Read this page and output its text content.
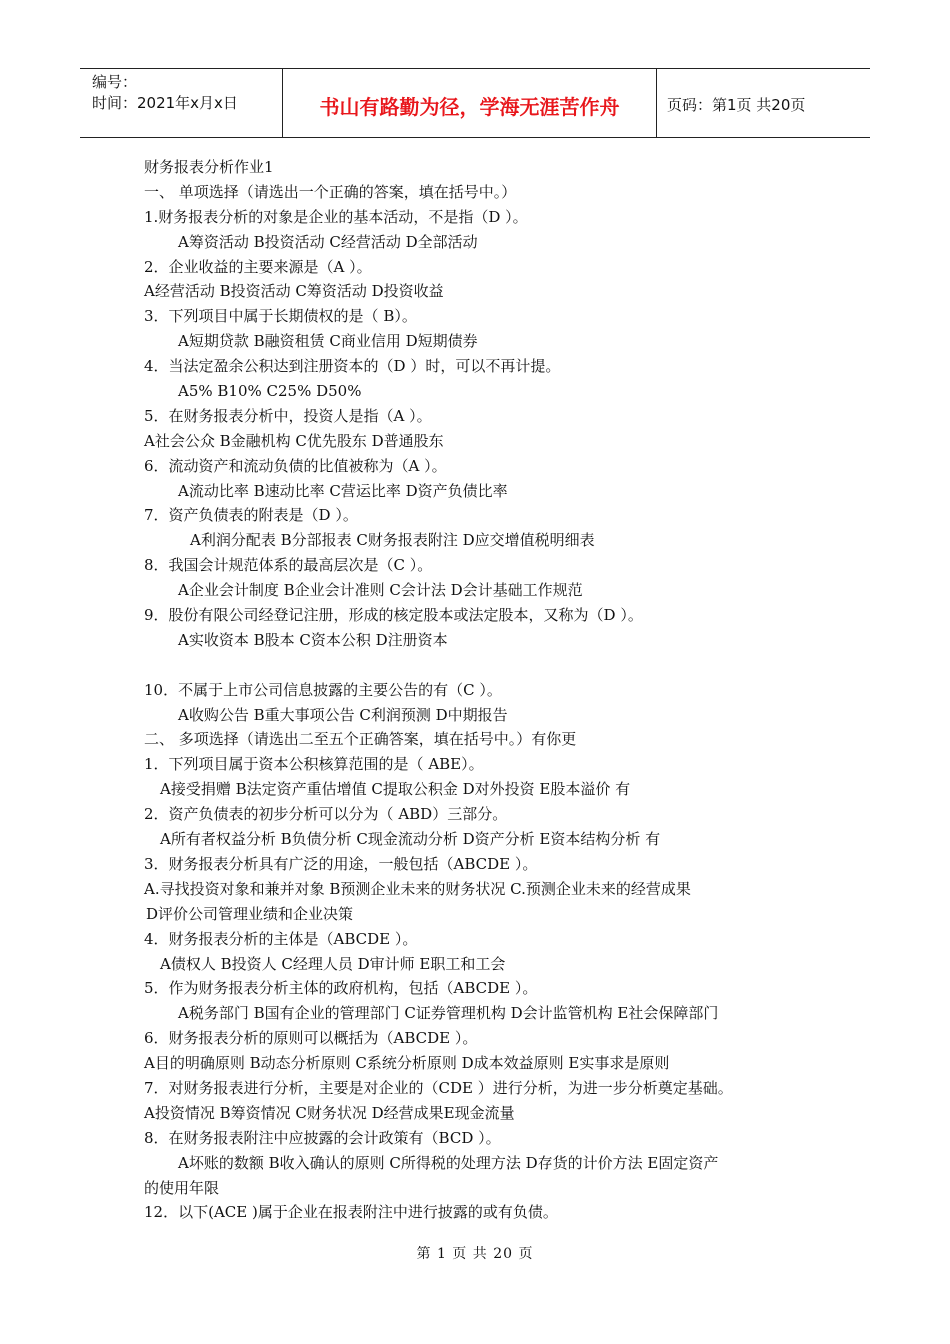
编号：
时间：2021年x月x日	书山有路勤为径，学海无涯苦作舟	页码：第1页 共20页
财务报表分析作业1
一、 单项选择（请选出一个正确的答案，填在括号中。）
1.财务报表分析的对象是企业的基本活动，不是指（D ）。
A筹资活动 B投资活动 C经营活动 D全部活动
2．企业收益的主要来源是（A ）。
A经营活动 B投资活动 C筹资活动 D投资收益
3．下列项目中属于长期债权的是（ B）。
A短期贷款 B融资租赁 C商业信用 D短期债券
4．当法定盈余公积达到注册资本的（D ）时，可以不再计提。
A5% B10% C25% D50%
5．在财务报表分析中，投资人是指（A ）。
A社会公众 B金融机构 C优先股东 D普通股东
6．流动资产和流动负债的比值被称为（A ）。
A流动比率 B速动比率 C营运比率 D资产负债比率
7．资产负债表的附表是（D ）。
A利润分配表 B分部报表 C财务报表附注 D应交增值税明细表
8．我国会计规范体系的最高层次是（C ）。
A企业会计制度 B企业会计准则 C会计法 D会计基础工作规范
9．股份有限公司经登记注册，形成的核定股本或法定股本，又称为（D ）。
A实收资本 B股本 C资本公积 D注册资本
10．不属于上市公司信息披露的主要公告的有（C ）。
A收购公告 B重大事项公告 C利润预测 D中期报告
二、 多项选择（请选出二至五个正确答案，填在括号中。）有你更
1．下列项目属于资本公积核算范围的是（ ABE）。
A接受捐赠 B法定资产重估增值 C提取公积金 D对外投资 E股本溢价 有
2．资产负债表的初步分析可以分为（ ABD）三部分。
A所有者权益分析 B负债分析 C现金流动分析 D资产分析 E资本结构分析 有
3．财务报表分析具有广泛的用途，一般包括（ABCDE ）。
A.寻找投资对象和兼并对象 B预测企业未来的财务状况 C.预测企业未来的经营成果
D评价公司管理业绩和企业决策
4．财务报表分析的主体是（ABCDE ）。
A债权人 B投资人 C经理人员 D审计师 E职工和工会
5．作为财务报表分析主体的政府机构，包括（ABCDE ）。
A税务部门 B国有企业的管理部门 C证券管理机构 D会计监管机构 E社会保障部门
6．财务报表分析的原则可以概括为（ABCDE ）。
A目的明确原则 B动态分析原则 C系统分析原则 D成本效益原则 E实事求是原则
7．对财务报表进行分析，主要是对企业的（CDE ）进行分析，为进一步分析奠定基础。
A投资情况 B筹资情况 C财务状况 D经营成果E现金流量
8．在财务报表附注中应披露的会计政策有（BCD ）。
A坏账的数额 B收入确认的原则 C所得税的处理方法 D存货的计价方法 E固定资产
的使用年限
12．以下(ACE )属于企业在报表附注中进行披露的或有负债。
第 1 页 共 20 页
